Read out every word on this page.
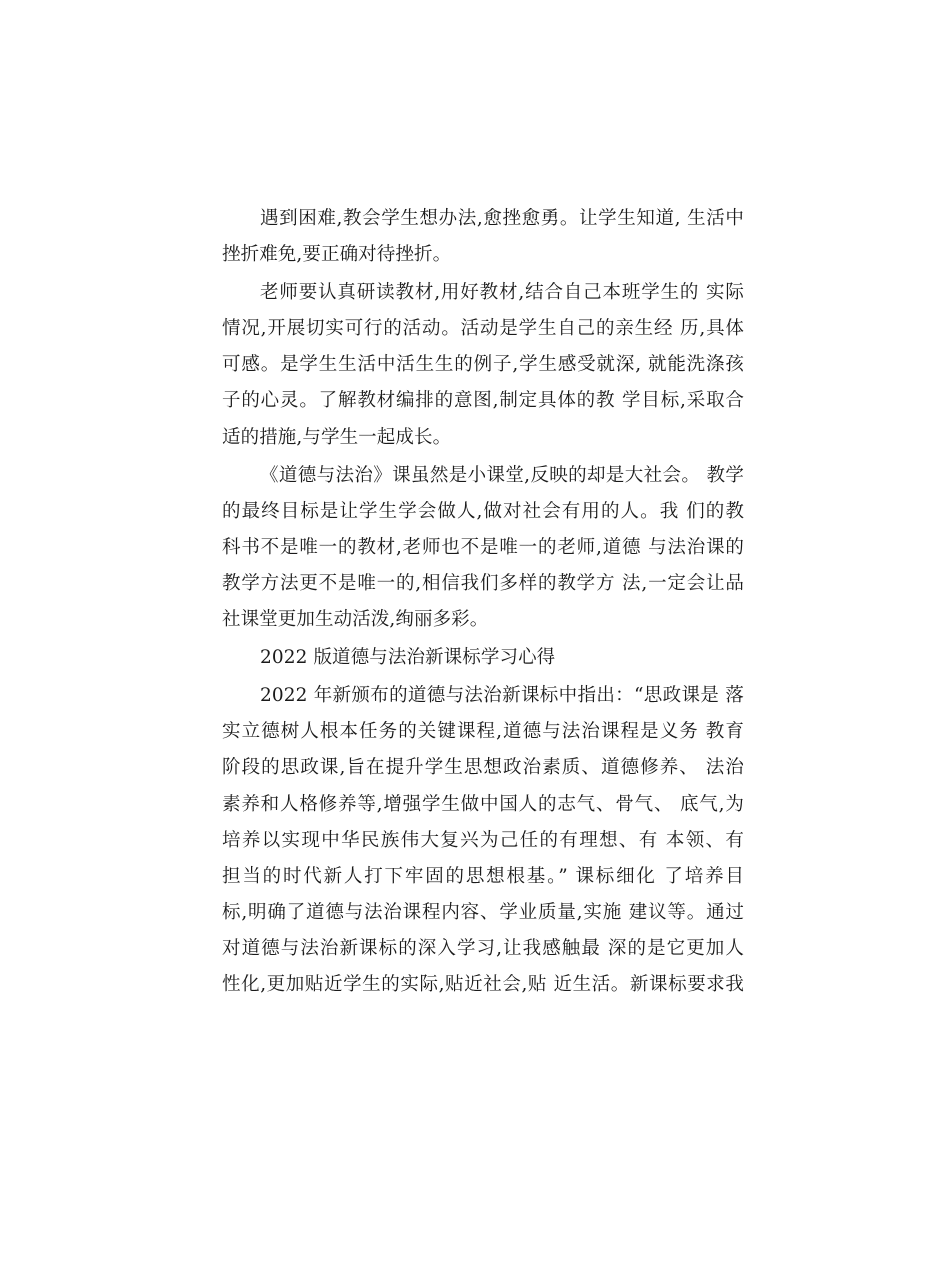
遇到困难,教会学生想办法,愈挫愈勇。让学生知道, 生活中
挫折难免,要正确对待挫折。
老师要认真研读教材,用好教材,结合自己本班学生的 实际
情况,开展切实可行的活动。活动是学生自己的亲生经 历,具体
可感。是学生生活中活生生的例子,学生感受就深, 就能洗涤孩
子的心灵。了解教材编排的意图,制定具体的教 学目标,采取合
适的措施,与学生一起成长。
《道德与法治》课虽然是小课堂,反映的却是大社会。 教学
的最终目标是让学生学会做人,做对社会有用的人。我 们的教
科书不是唯一的教材,老师也不是唯一的老师,道德 与法治课的
教学方法更不是唯一的,相信我们多样的教学方 法,一定会让品
社课堂更加生动活泼,绚丽多彩。
2022 版道德与法治新课标学习心得
2022 年新颁布的道德与法治新课标中指出：“思政课是 落
实立德树人根本任务的关键课程,道德与法治课程是义务 教育
阶段的思政课,旨在提升学生思想政治素质、道德修养、 法治
素养和人格修养等,增强学生做中国人的志气、骨气、 底气,为
培养以实现中华民族伟大复兴为己任的有理想、有 本领、有
担当的时代新人打下牢固的思想根基。” 课标细化 了培养目
标,明确了道德与法治课程内容、学业质量,实施 建议等。通过
对道德与法治新课标的深入学习,让我感触最 深的是它更加人
性化,更加贴近学生的实际,贴近社会,贴 近生活。新课标要求我
